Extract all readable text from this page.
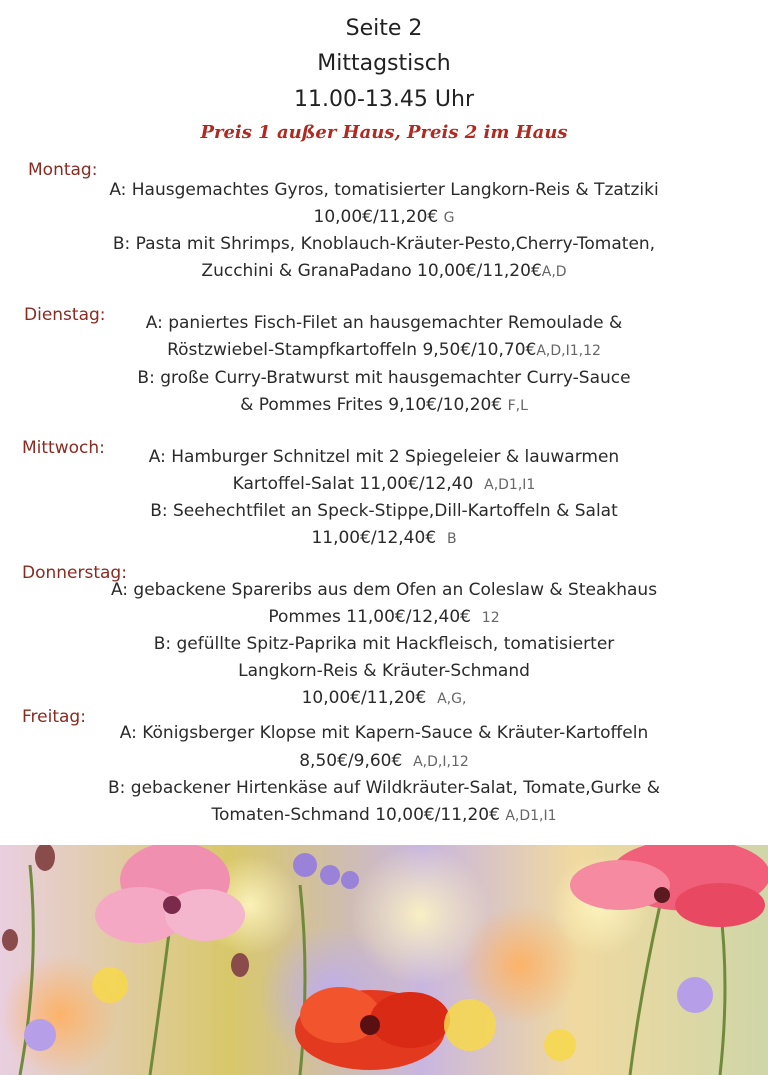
Seite 2
Mittagstisch
11.00-13.45 Uhr
Preis 1 außer Haus, Preis 2 im Haus
Montag:
A: Hausgemachtes Gyros, tomatisierter Langkorn-Reis & Tzatziki
10,00€/11,20€ G
B: Pasta mit Shrimps, Knoblauch-Kräuter-Pesto,Cherry-Tomaten,
Zucchini & GranaPadano 10,00€/11,20€A,D
Dienstag:	A: paniertes Fisch-Filet an hausgemachter Remoulade &
Röstzwiebel-Stampfkartoffeln 9,50€/10,70€A,D,I1,12
B: große Curry-Bratwurst mit hausgemachter Curry-Sauce
& Pommes Frites 9,10€/10,20€ F,L
Mittwoch:	A: Hamburger Schnitzel mit 2 Spiegeleier & lauwarmen
Kartoffel-Salat 11,00€/12,40 A,D1,I1
B: Seehechtfilet an Speck-Stippe,Dill-Kartoffeln & Salat
11,00€/12,40€ B
Donnerstag:
A: gebackene Spareribs aus dem Ofen an Coleslaw & Steakhaus
Pommes 11,00€/12,40€ 12
B: gefüllte Spitz-Paprika mit Hackfleisch, tomatisierter
Langkorn-Reis & Kräuter-Schmand
10,00€/11,20€ A,G,
Freitag:
A: Königsberger Klopse mit Kapern-Sauce & Kräuter-Kartoffeln
8,50€/9,60€ A,D,I,12
B: gebackener Hirtenkäse auf Wildkräuter-Salat, Tomate,Gurke &
Tomaten-Schmand 10,00€/11,20€ A,D1,I1
